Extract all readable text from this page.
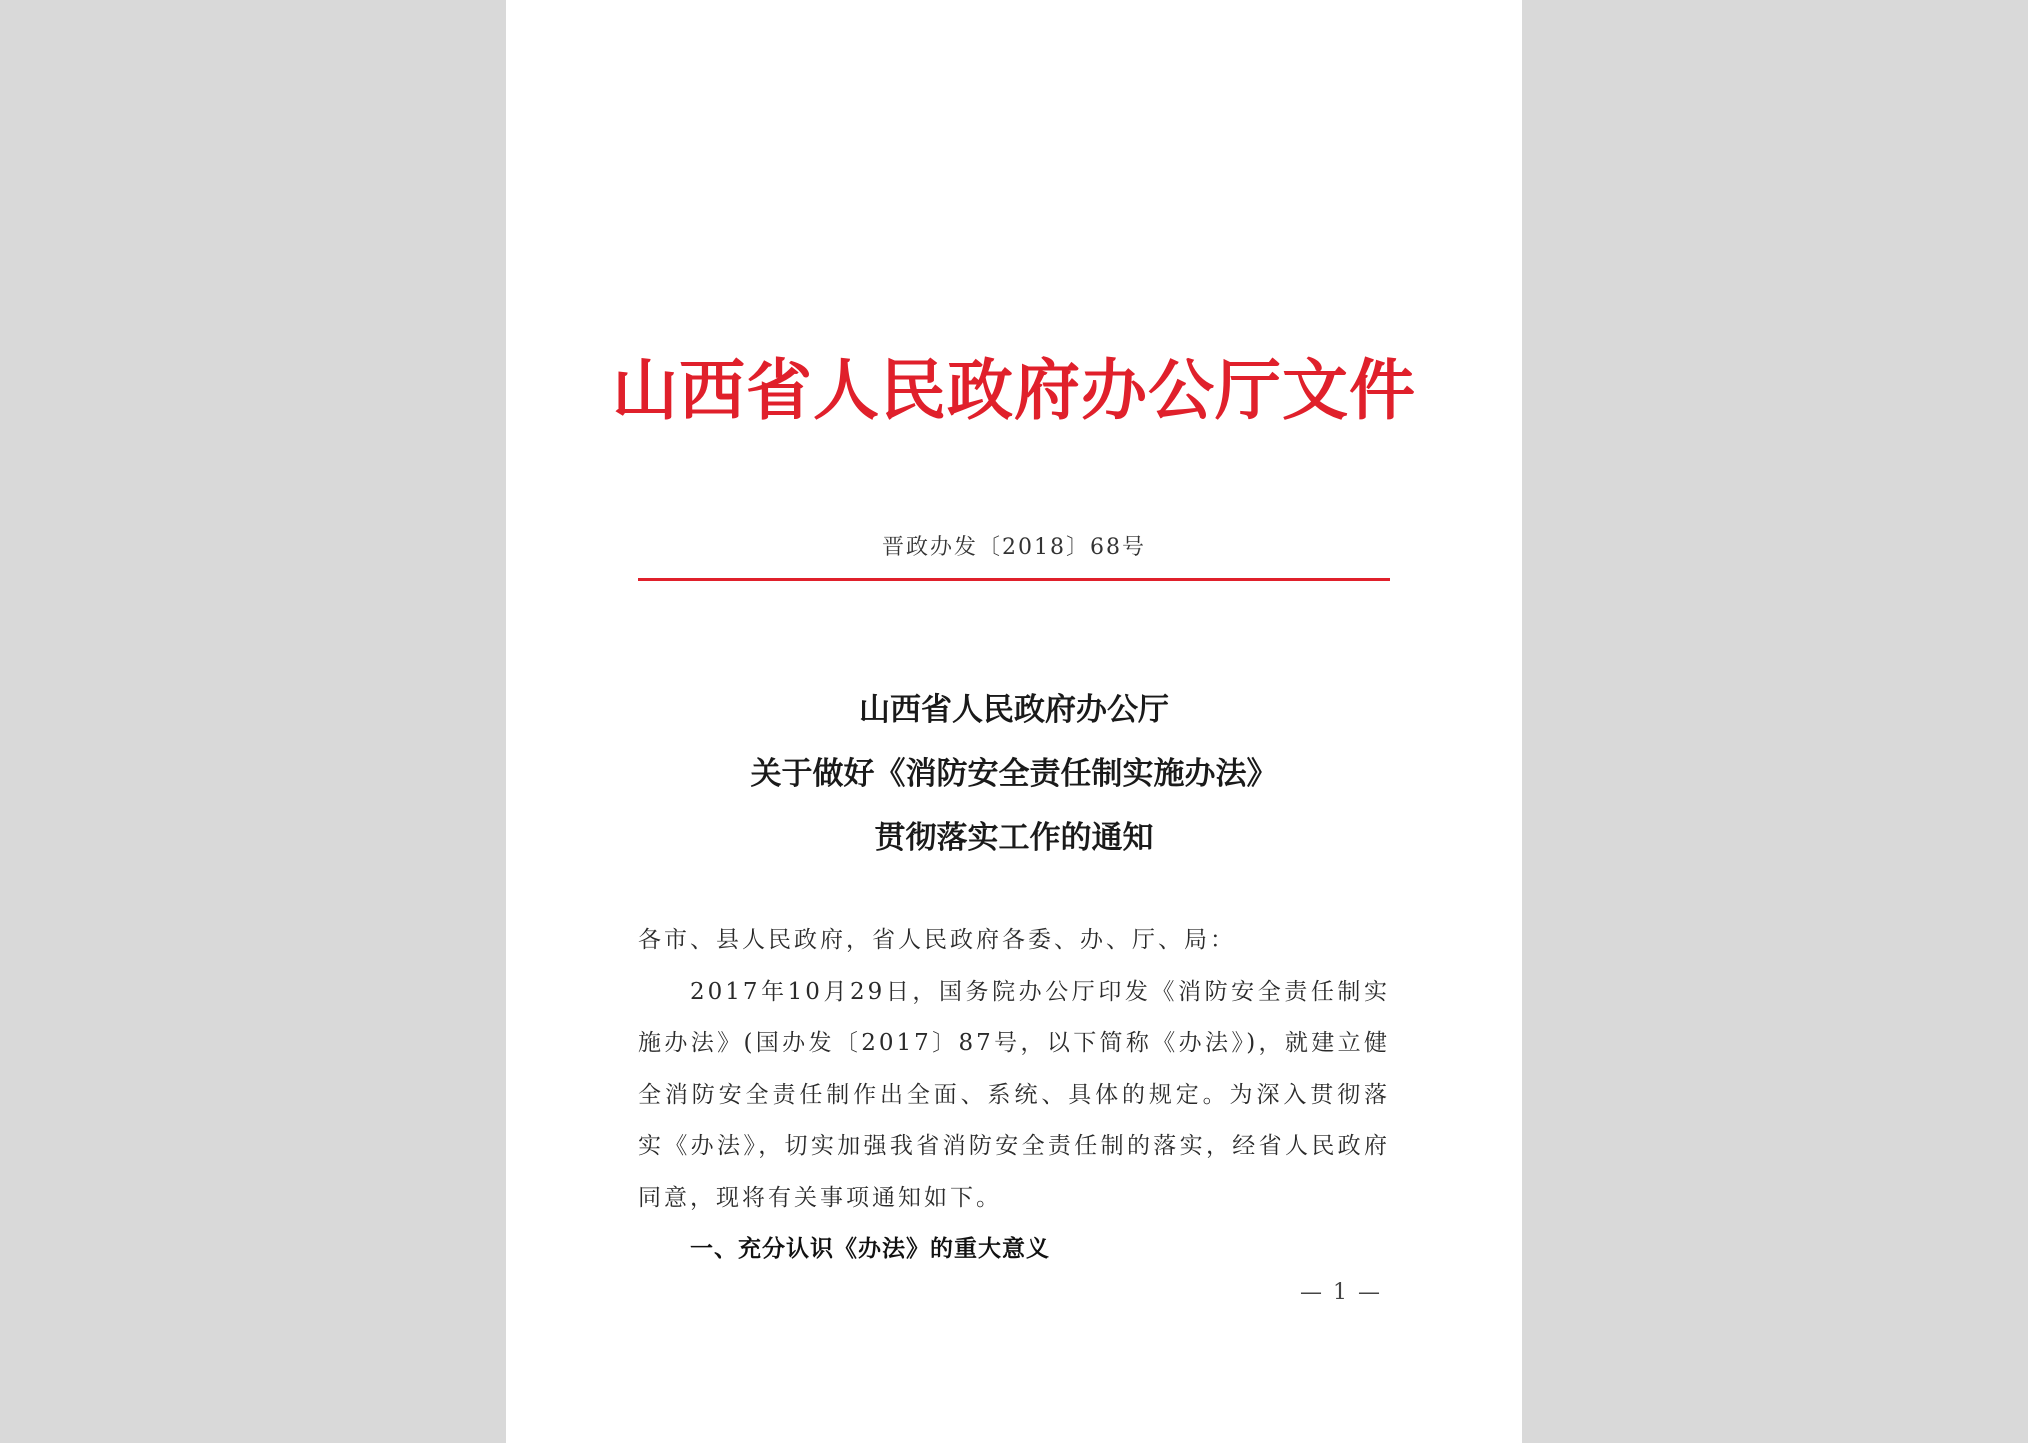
山西省人民政府办公厅文件
晋政办发〔2018〕68号
山西省人民政府办公厅
关于做好《消防安全责任制实施办法》
贯彻落实工作的通知

各市、县人民政府，省人民政府各委、办、厅、局：

2017年10月29日，国务院办公厅印发《消防安全责任制实施办法》(国办发〔2017〕87号，以下简称《办法》)，就建立健全消防安全责任制作出全面、系统、具体的规定。为深入贯彻落实《办法》，切实加强我省消防安全责任制的落实，经省人民政府同意，现将有关事项通知如下。

一、充分认识《办法》的重大意义

— 1 —
